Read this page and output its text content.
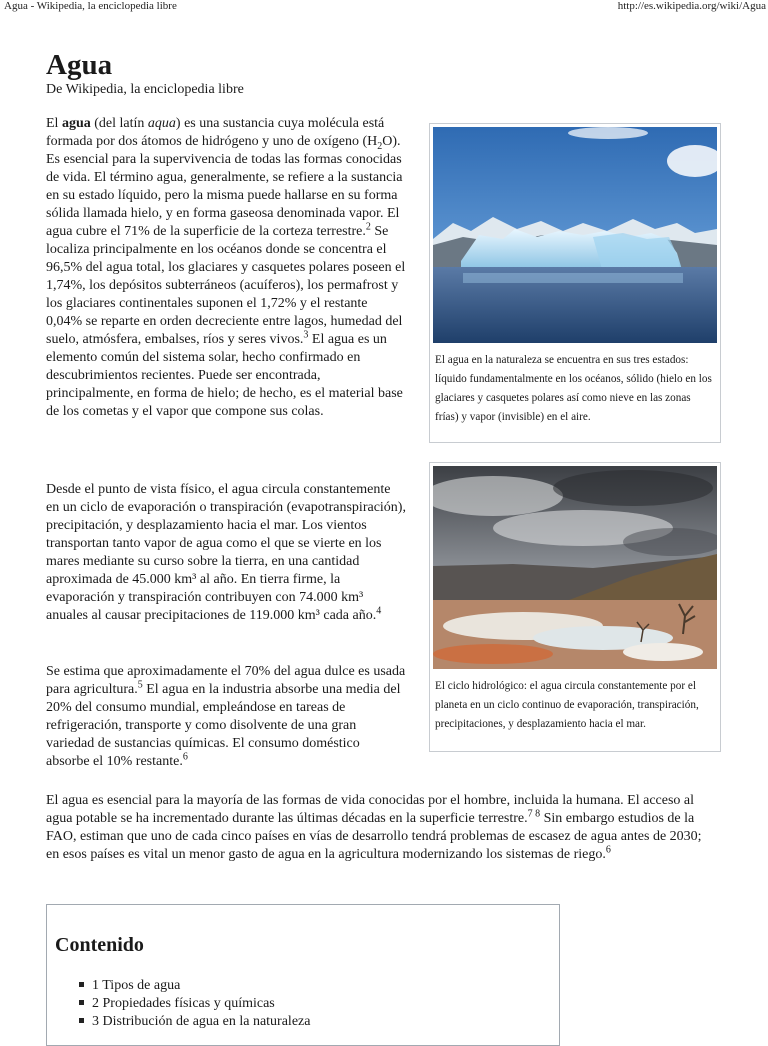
Agua - Wikipedia, la enciclopedia libre	http://es.wikipedia.org/wiki/Agua
Agua
De Wikipedia, la enciclopedia libre
El agua (del latín aqua) es una sustancia cuya molécula está formada por dos átomos de hidrógeno y uno de oxígeno $(H_2O)$. Es esencial para la supervivencia de todas las formas conocidas de vida. El término agua, generalmente, se refiere a la sustancia en su estado líquido, pero la misma puede hallarse en su forma sólida llamada hielo, y en forma gaseosa denominada vapor. El agua cubre el 71% de la superficie de la corteza terrestre.$^2$ Se localiza principalmente en los océanos donde se concentra el 96,5% del agua total, los glaciares y casquetes polares poseen el 1,74%, los depósitos subterráneos (acuíferos), los permafrost y los glaciares continentales suponen el 1,72% y el restante 0,04% se reparte en orden decreciente entre lagos, humedad del suelo, atmósfera, embalses, ríos y seres vivos.$^3$ El agua es un elemento común del sistema solar, hecho confirmado en descubrimientos recientes. Puede ser encontrada, principalmente, en forma de hielo; de hecho, es el material base de los cometas y el vapor que compone sus colas.
Desde el punto de vista físico, el agua circula constantemente en un ciclo de evaporación o transpiración (evapotranspiración), precipitación, y desplazamiento hacia el mar. Los vientos transportan tanto vapor de agua como el que se vierte en los mares mediante su curso sobre la tierra, en una cantidad aproximada de 45.000 km³ al año. En tierra firme, la evaporación y transpiración contribuyen con 74.000 km³ anuales al causar precipitaciones de 119.000 km³ cada año.$^4$
Se estima que aproximadamente el 70% del agua dulce es usada para agricultura.$^5$ El agua en la industria absorbe una media del 20% del consumo mundial, empleándose en tareas de refrigeración, transporte y como disolvente de una gran variedad de sustancias químicas. El consumo doméstico absorbe el 10% restante.$^6$
El agua es esencial para la mayoría de las formas de vida conocidas por el hombre, incluida la humana. El acceso al agua potable se ha incrementado durante las últimas décadas en la superficie terrestre.$^{7 8}$ Sin embargo estudios de la FAO, estiman que uno de cada cinco países en vías de desarrollo tendrá problemas de escasez de agua antes de 2030; en esos países es vital un menor gasto de agua en la agricultura modernizando los sistemas de riego.$^6$
El agua en la naturaleza se encuentra en sus tres estados: líquido fundamentalmente en los océanos, sólido (hielo en los glaciares y casquetes polares así como nieve en las zonas frías) y vapor (invisible) en el aire.
El ciclo hidrológico: el agua circula constantemente por el planeta en un ciclo continuo de evaporación, transpiración, precipitaciones, y desplazamiento hacia el mar.
Contenido
1 Tipos de agua
2 Propiedades físicas y químicas
3 Distribución de agua en la naturaleza
